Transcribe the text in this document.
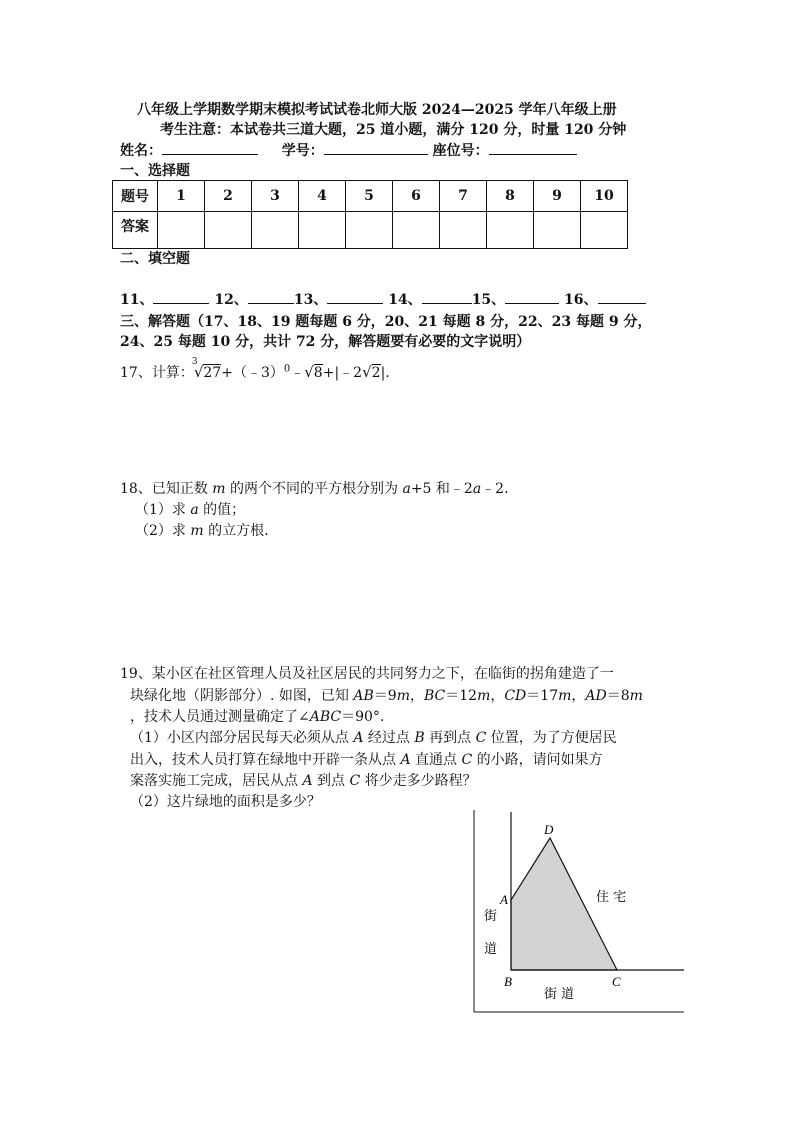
八年级上学期数学期末模拟考试试卷北师大版 2024—2025 学年八年级上册
考生注意：本试卷共三道大题，25 道小题，满分 120 分，时量 120 分钟
姓名：	学号：	座位号：
一、选择题
题号	1	2	3	4	5	6	7	8	9	10
答案										
二、填空题
11、	12、	13、	14、	15、	16、
三、解答题（17、18、19 题每题 6 分，20、21 每题 8 分，22、23 每题 9 分，
24、25 每题 10 分，共计 72 分，解答题要有必要的文字说明）
17、计算：
3
√27+（﹣3）$^0$﹣√8+|﹣2√2|.
18、已知正数 m 的两个不同的平方根分别为 a+5 和﹣2a﹣2.
（1）求 a 的值；
（2）求 m 的立方根.
19、某小区在社区管理人员及社区居民的共同努力之下，在临街的拐角建造了一
块绿化地（阴影部分）. 如图，已知 AB＝9m，BC＝12m，CD＝17m，AD＝8m
，技术人员通过测量确定了∠ABC＝90°.
（1）小区内部分居民每天必须从点 A 经过点 B 再到点 C 位置，为了方便居民
出入，技术人员打算在绿地中开辟一条从点 A 直通点 C 的小路，请问如果方
案落实施工完成，居民从点 A 到点 C 将少走多少路程？
（2）这片绿地的面积是多少？
D
A
B	C
街
道
街 道
住 宅
